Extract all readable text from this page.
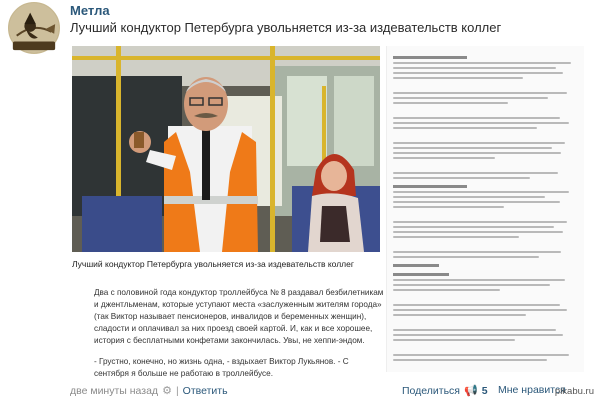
Метла
Лучший кондуктор Петербурга увольняется из-за издевательств коллег
Лучший кондуктор Петербурга увольняется из-за издевательств коллег

Два с половиной года кондуктор троллейбуса № 8 раздавал безбилетникам и джентльменам, которые уступают места «заслуженным жителям города» (так Виктор называет пенсионеров, инвалидов и беременных женщин), сладости и оплачивал за них проезд своей картой. И, как и все хорошее, история с бесплатными конфетами закончилась. Увы, не хеппи-эндом.

- Грустно, конечно, но жизнь одна, - вздыхает Виктор Лукьянов. - С сентября я больше не работаю в троллейбусе.

две минуты назад ⚙ | Ответить	Поделиться 📢 5 Мне нравится
pikabu.ru
